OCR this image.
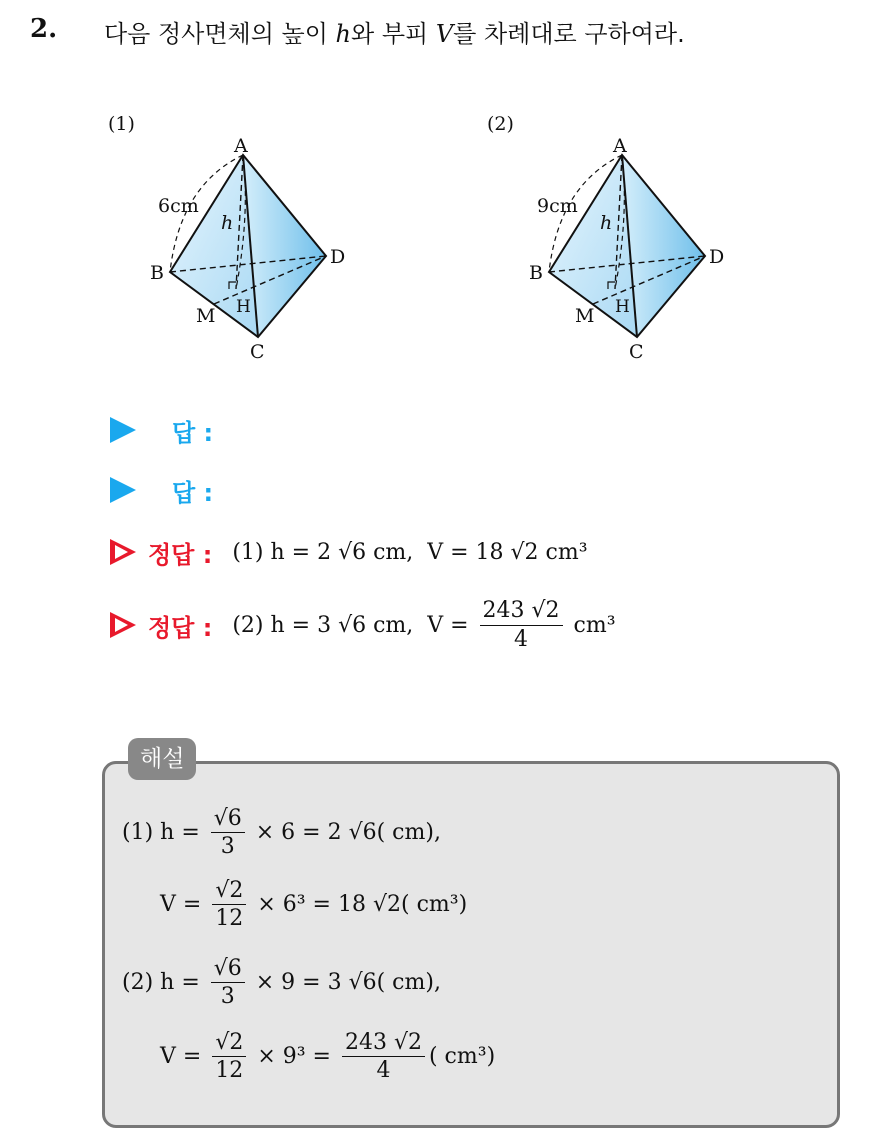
2. 다음 정사면체의 높이 h와 부피 V를 차례대로 구하여라.
(1)	(2)
A
B
C
D
M H
h
6cm
A
B
C
D
M H
h
9cm
답 :
답 :
정답 : (1) h = 2 √6 cm,  V = 18 √2 cm³
정답 : (2) h = 3 √6 cm,  $V = \frac{243 √2}{4} cm^3$
해설
(1) $h = \frac{√6}{3} \times 6 = 2$ √6( cm),
$V = \frac{√2}{12} \times 6^3 = 18$ √2( cm³)
(2) $h = \frac{√6}{3} \times 9 = 3$ √6( cm),
$V = \frac{√2}{12} \times 9^3 = \frac{243 √2}{4}$ ( cm³)
